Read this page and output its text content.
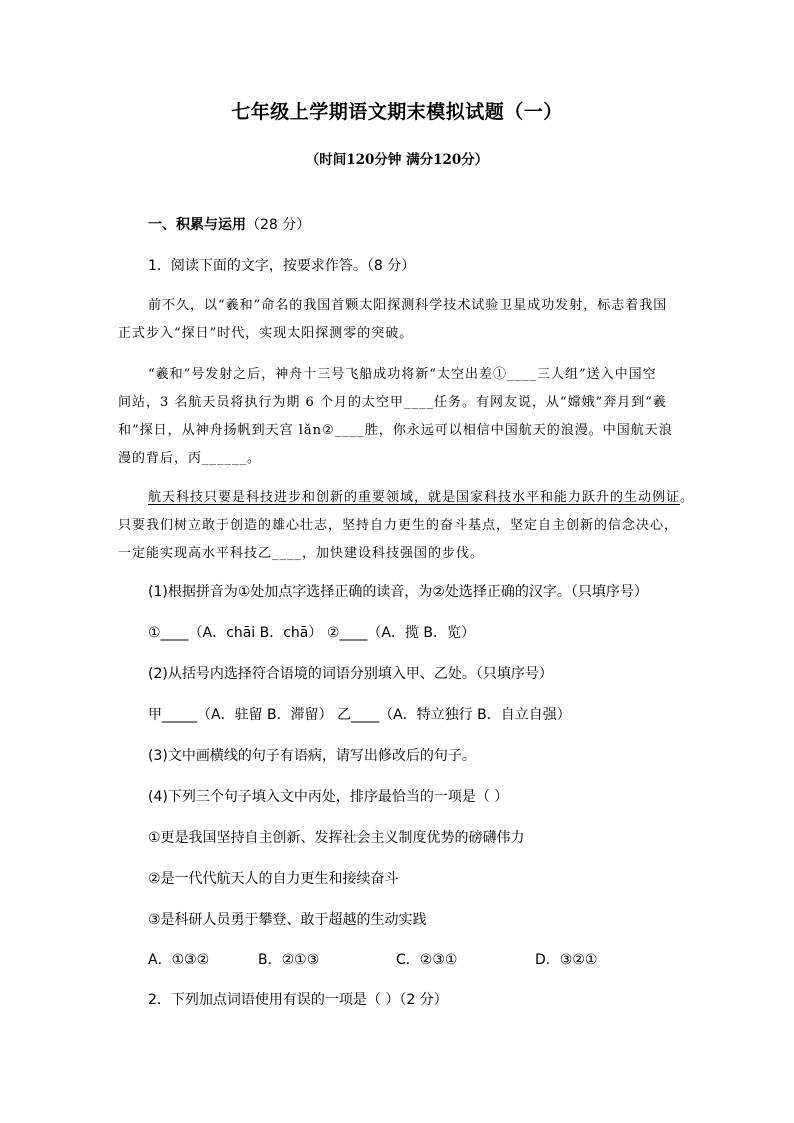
七年级上学期语文期末模拟试题（一）
（时间120分钟 满分120分）
一、积累与运用（28 分）
1．阅读下面的文字，按要求作答。（8 分）
前不久，以“羲和”命名的我国首颗太阳探测科学技术试验卫星成功发射，标志着我国
正式步入“探日”时代，实现太阳探测零的突破。
“羲和”号发射之后，神舟十三号飞船成功将新“太空出差①____三人组”送入中国空
间站，3 名航天员将执行为期 6 个月的太空甲____任务。有网友说，从“嫦娥”奔月到“羲
和”探日，从神舟扬帆到天宫 lǎn②____胜，你永远可以相信中国航天的浪漫。中国航天浪
漫的背后，丙______。
航天科技只要是科技进步和创新的重要领域，就是国家科技水平和能力跃升的生动例证。
只要我们树立敢于创造的雄心壮志，坚持自力更生的奋斗基点，坚定自主创新的信念决心，
一定能实现高水平科技乙____，加快建设科技强国的步伐。
(1)根据拼音为①处加点字选择正确的读音，为②处选择正确的汉字。（只填序号）
①____（A．chāi B．chā） ②____（A．揽 B．览）
(2)从括号内选择符合语境的词语分别填入甲、乙处。（只填序号）
甲_____（A．驻留 B．滞留） 乙____（A．特立独行 B．自立自强）
(3)文中画横线的句子有语病，请写出修改后的句子。
(4)下列三个句子填入文中丙处，排序最恰当的一项是（ ）
①更是我国坚持自主创新、发挥社会主义制度优势的磅礴伟力
②是一代代航天人的自力更生和接续奋斗
③是科研人员勇于攀登、敢于超越的生动实践
A．①③②	B．②①③	C．②③①	D．③②①
2．下列加点词语使用有误的一项是（ ）（2 分）
